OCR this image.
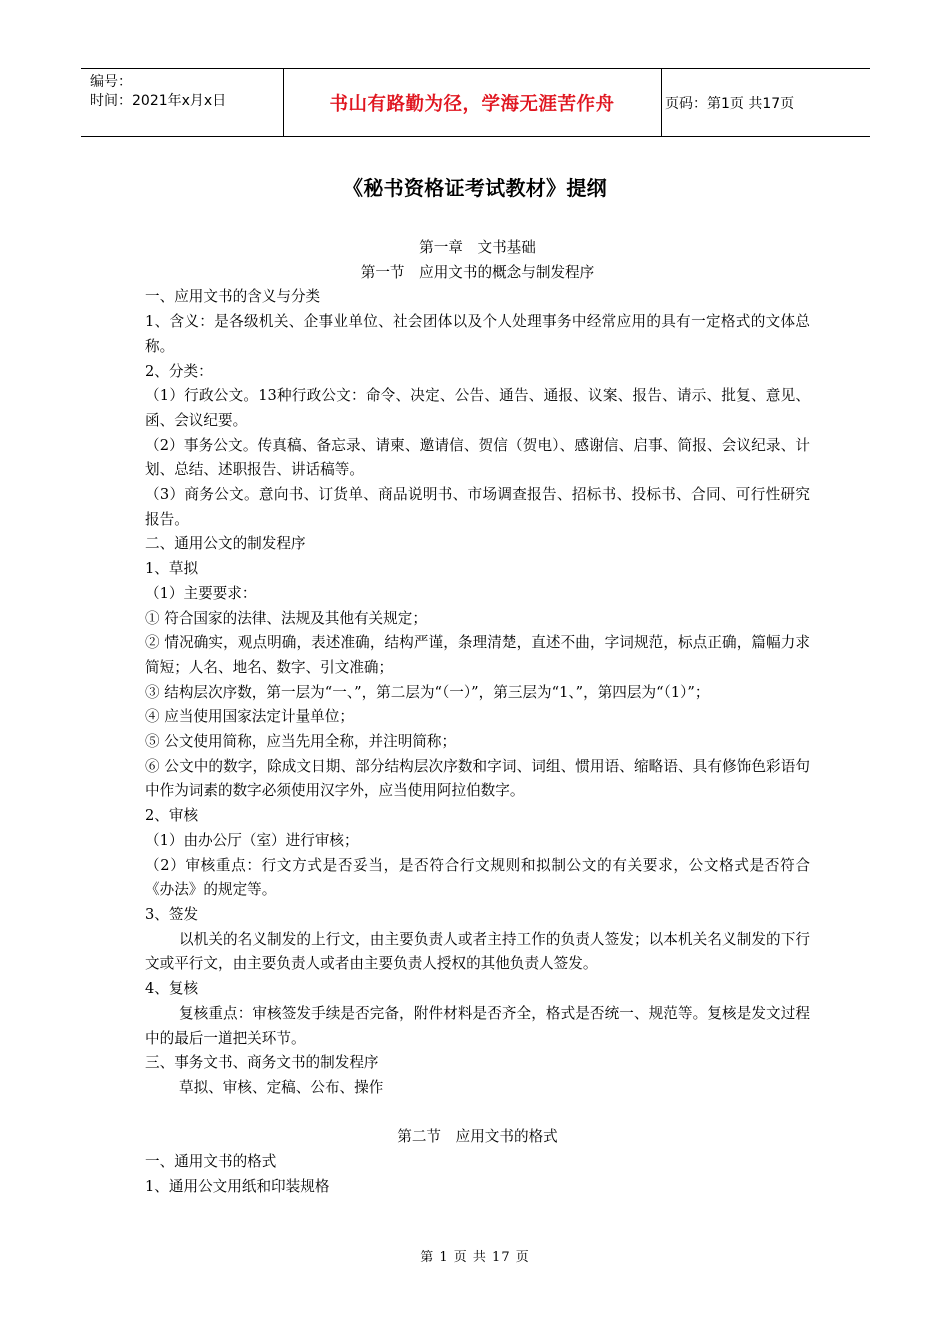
编号：
时间：2021年x月x日	书山有路勤为径，学海无涯苦作舟	页码：第1页 共17页
《秘书资格证考试教材》提纲
第一章　文书基础
第一节　应用文书的概念与制发程序
一、应用文书的含义与分类
1、含义：是各级机关、企事业单位、社会团体以及个人处理事务中经常应用的具有一定格式的文体总称。
2、分类：
（1）行政公文。13种行政公文：命令、决定、公告、通告、通报、议案、报告、请示、批复、意见、函、会议纪要。
（2）事务公文。传真稿、备忘录、请柬、邀请信、贺信（贺电）、感谢信、启事、简报、会议纪录、计划、总结、述职报告、讲话稿等。
（3）商务公文。意向书、订货单、商品说明书、市场调查报告、招标书、投标书、合同、可行性研究报告。
二、通用公文的制发程序
1、草拟
（1）主要要求：
① 符合国家的法律、法规及其他有关规定；
② 情况确实，观点明确，表述准确，结构严谨，条理清楚，直述不曲，字词规范，标点正确，篇幅力求简短；人名、地名、数字、引文准确；
③ 结构层次序数，第一层为“一、”，第二层为“（一）”，第三层为“1、”，第四层为“（1）”；
④ 应当使用国家法定计量单位；
⑤ 公文使用简称，应当先用全称，并注明简称；
⑥ 公文中的数字，除成文日期、部分结构层次序数和字词、词组、惯用语、缩略语、具有修饰色彩语句中作为词素的数字必须使用汉字外，应当使用阿拉伯数字。
2、审核
（1）由办公厅（室）进行审核；
（2）审核重点：行文方式是否妥当，是否符合行文规则和拟制公文的有关要求，公文格式是否符合《办法》的规定等。
3、签发
以机关的名义制发的上行文，由主要负责人或者主持工作的负责人签发；以本机关名义制发的下行文或平行文，由主要负责人或者由主要负责人授权的其他负责人签发。
4、复核
复核重点：审核签发手续是否完备，附件材料是否齐全，格式是否统一、规范等。复核是发文过程中的最后一道把关环节。
三、事务文书、商务文书的制发程序
草拟、审核、定稿、公布、操作
第二节　应用文书的格式
一、通用文书的格式
1、通用公文用纸和印装规格
第 1 页 共 17 页
